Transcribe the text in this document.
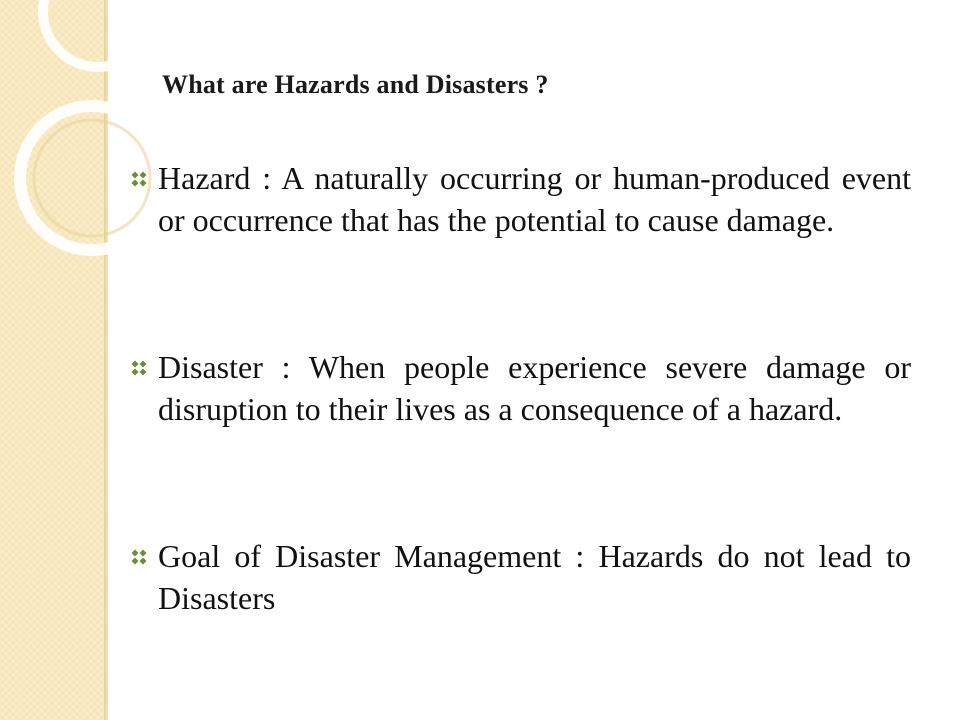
What are Hazards and Disasters ?
Hazard : A naturally occurring or human-produced event or occurrence that has the potential to cause damage.
Disaster : When people experience severe damage or disruption to their lives as a consequence of a hazard.
Goal of Disaster Management : Hazards do not lead to Disasters
